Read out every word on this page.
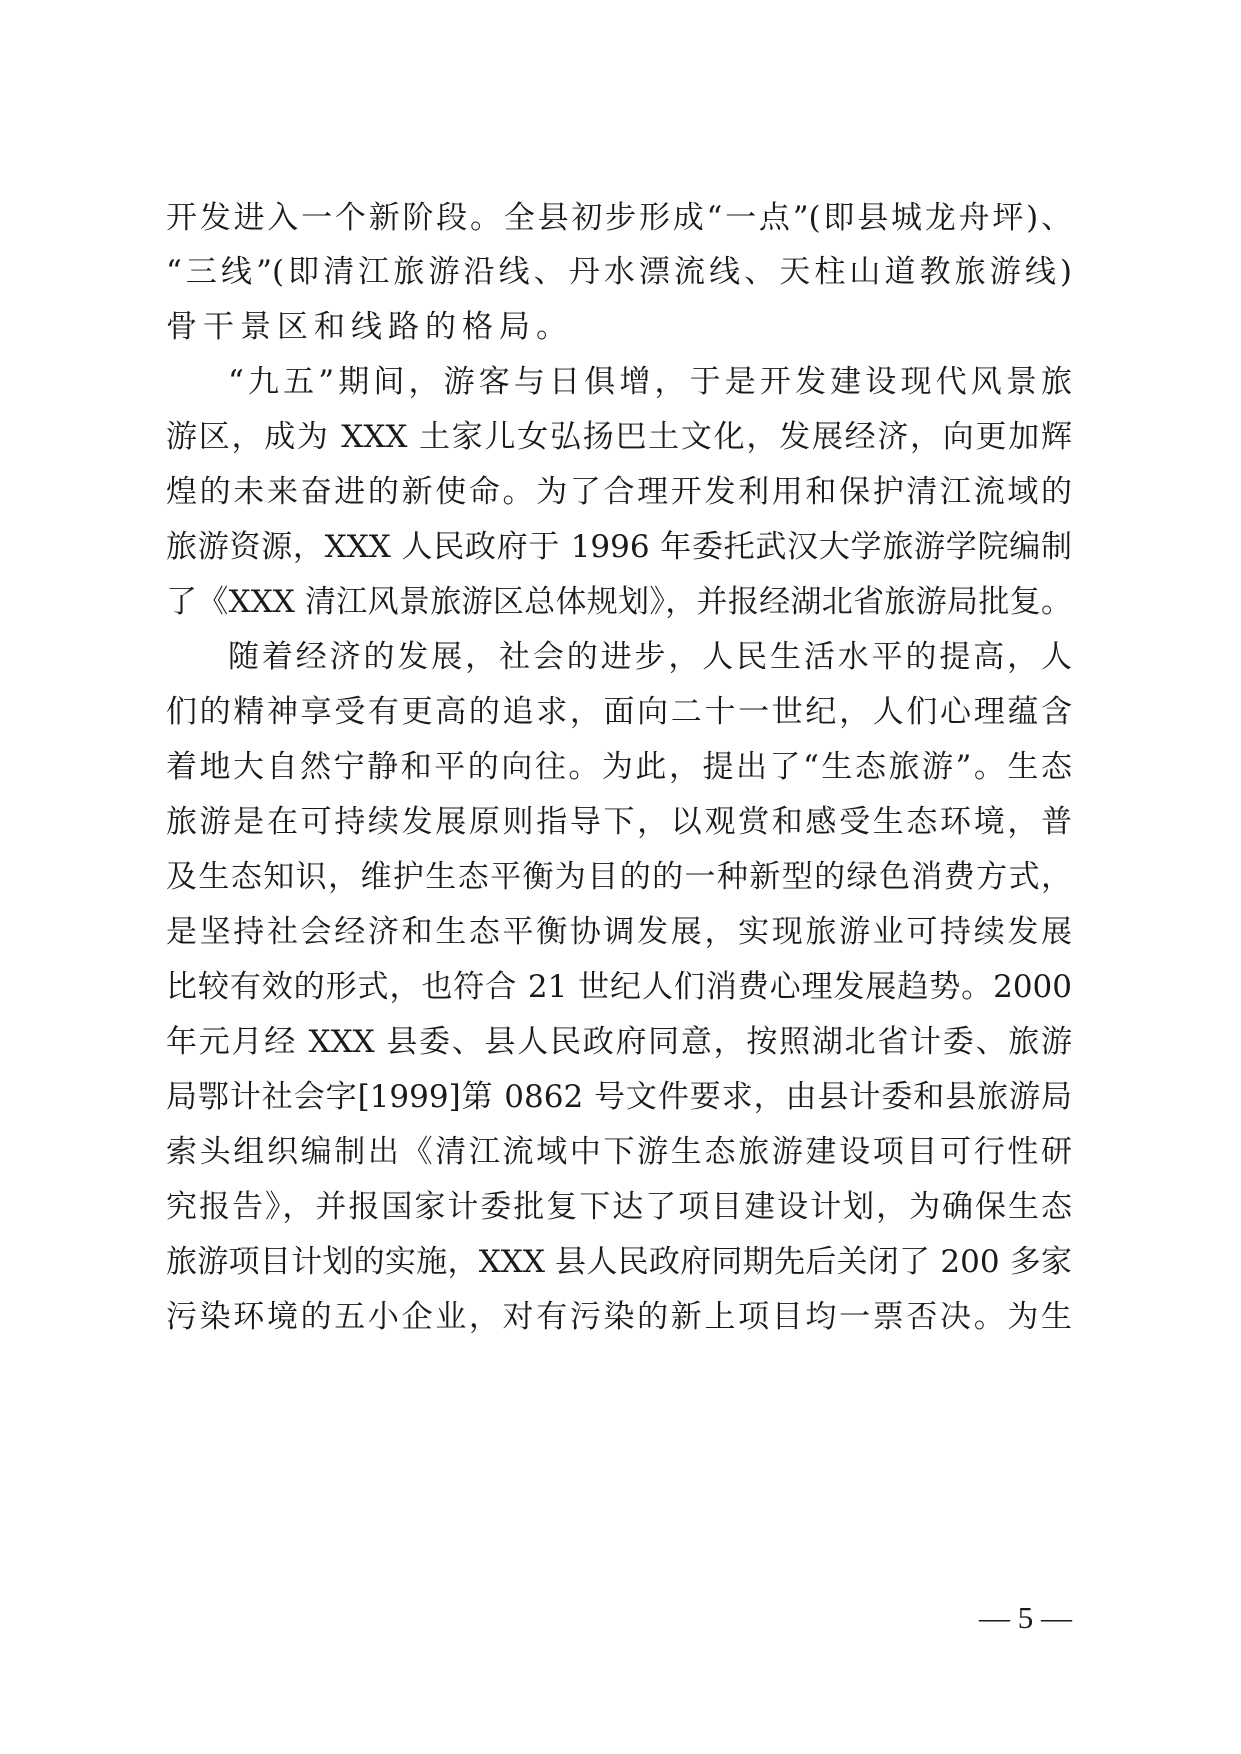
开发进入一个新阶段。全县初步形成“一点”(即县城龙舟坪)、
“三线”(即清江旅游沿线、丹水漂流线、天柱山道教旅游线)
骨干景区和线路的格局。
“九五”期间，游客与日俱增，于是开发建设现代风景旅
游区，成为 XXX 土家儿女弘扬巴土文化，发展经济，向更加辉
煌的未来奋进的新使命。为了合理开发利用和保护清江流域的
旅游资源，XXX 人民政府于 1996 年委托武汉大学旅游学院编制
了《XXX 清江风景旅游区总体规划》，并报经湖北省旅游局批复。
随着经济的发展，社会的进步，人民生活水平的提高，人
们的精神享受有更高的追求，面向二十一世纪，人们心理蕴含
着地大自然宁静和平的向往。为此，提出了“生态旅游”。生态
旅游是在可持续发展原则指导下，以观赏和感受生态环境，普
及生态知识，维护生态平衡为目的的一种新型的绿色消费方式，
是坚持社会经济和生态平衡协调发展，实现旅游业可持续发展
比较有效的形式，也符合 21 世纪人们消费心理发展趋势。2000
年元月经 XXX 县委、县人民政府同意，按照湖北省计委、旅游
局鄂计社会字[1999]第 0862 号文件要求，由县计委和县旅游局
索头组织编制出《清江流域中下游生态旅游建设项目可行性研
究报告》，并报国家计委批复下达了项目建设计划，为确保生态
旅游项目计划的实施，XXX 县人民政府同期先后关闭了 200 多家
污染环境的五小企业，对有污染的新上项目均一票否决。为生
— 5 —
